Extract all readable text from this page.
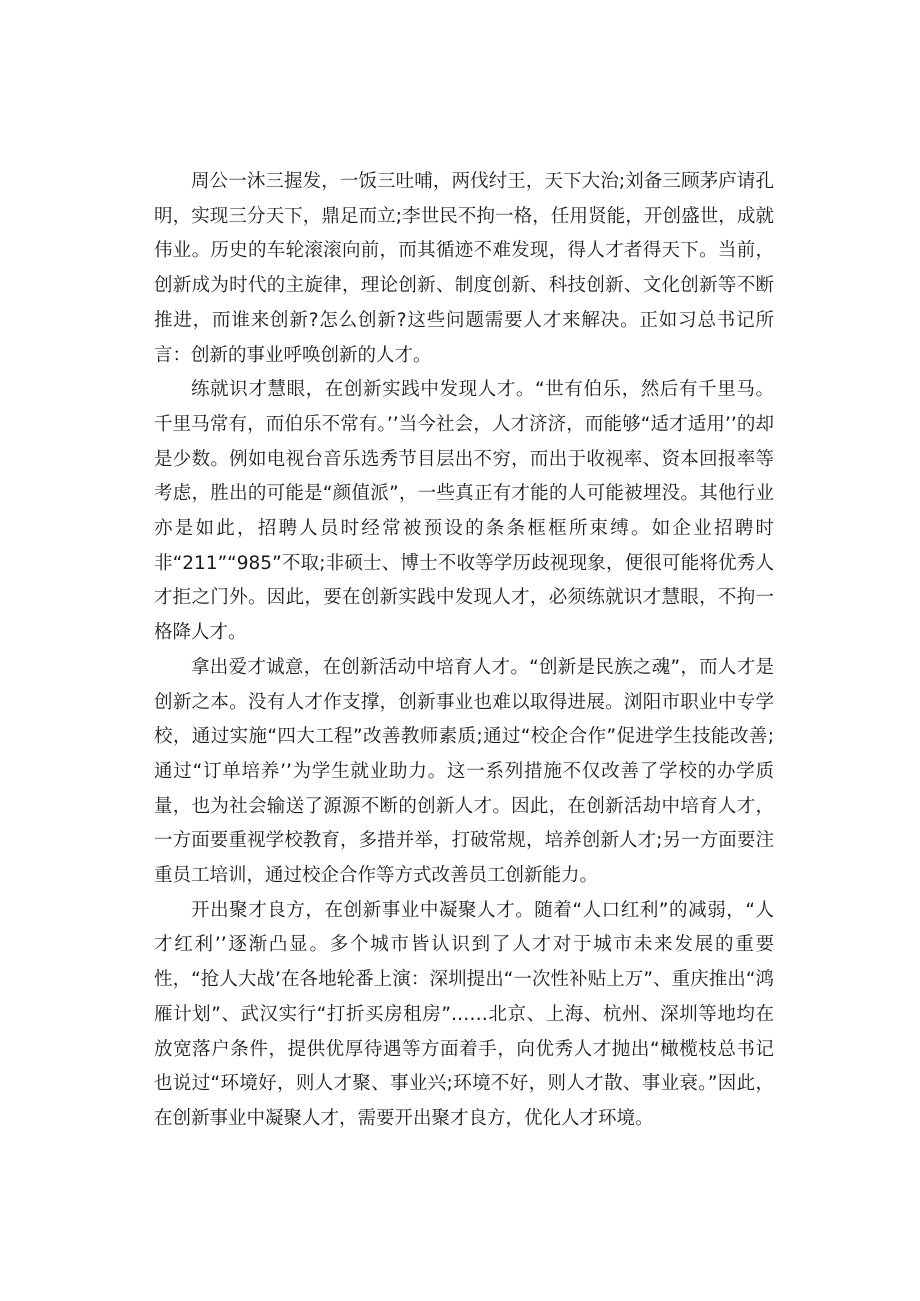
周公一沐三握发，一饭三吐哺，两伐纣王，天下大治;刘备三顾茅庐请孔明，实现三分天下，鼎足而立;李世民不拘一格，任用贤能，开创盛世，成就伟业。历史的车轮滚滚向前，而其循迹不难发现，得人才者得天下。当前，创新成为时代的主旋律，理论创新、制度创新、科技创新、文化创新等不断推进，而谁来创新?怎么创新?这些问题需要人才来解决。正如习总书记所言：创新的事业呼唤创新的人才。

练就识才慧眼，在创新实践中发现人才。“世有伯乐，然后有千里马。千里马常有，而伯乐不常有。’’当今社会，人才济济，而能够“适才适用’’的却是少数。例如电视台音乐选秀节目层出不穷，而出于收视率、资本回报率等考虑，胜出的可能是“颜值派”，一些真正有才能的人可能被埋没。其他行业亦是如此，招聘人员时经常被预设的条条框框所束缚。如企业招聘时非“211”“985”不取;非硕士、博士不收等学历歧视现象，便很可能将优秀人才拒之门外。因此，要在创新实践中发现人才，必须练就识才慧眼，不拘一格降人才。

拿出爱才诚意，在创新活动中培育人才。“创新是民族之魂”，而人才是创新之本。没有人才作支撑，创新事业也难以取得进展。浏阳市职业中专学校，通过实施“四大工程”改善教师素质;通过“校企合作”促进学生技能改善;通过“订单培养’’为学生就业助力。这一系列措施不仅改善了学校的办学质量，也为社会输送了源源不断的创新人才。因此，在创新活劫中培育人才，一方面要重视学校教育，多措并举，打破常规，培养创新人才;另一方面要注重员工培训，通过校企合作等方式改善员工创新能力。

开出聚才良方，在创新事业中凝聚人才。随着“人口红利”的减弱，“人才红利’’逐渐凸显。多个城市皆认识到了人才对于城市未来发展的重要性，“抢人大战’在各地轮番上演：深圳提出“一次性补贴上万”、重庆推出“鸿雁计划”、武汉实行“打折买房租房”……北京、上海、杭州、深圳等地均在放宽落户条件，提供优厚待遇等方面着手，向优秀人才抛出“橄榄枝总书记也说过“环境好，则人才聚、事业兴;环境不好，则人才散、事业衰。”因此，在创新事业中凝聚人才，需要开出聚才良方，优化人才环境。
